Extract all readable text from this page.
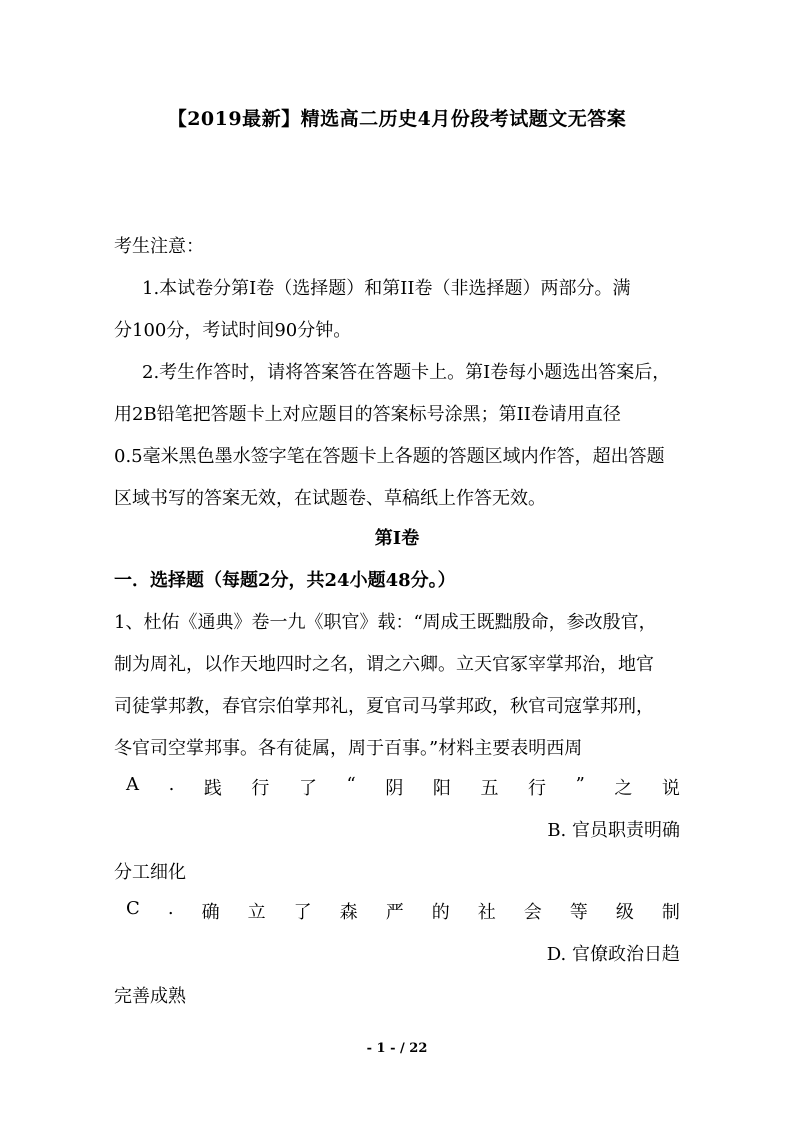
【2019最新】精选高二历史4月份段考试题文无答案
考生注意：
1.本试卷分第Ⅰ卷（选择题）和第II卷（非选择题）两部分。满
分100分，考试时间90分钟。
2.考生作答时，请将答案答在答题卡上。第Ⅰ卷每小题选出答案后，
用2B铅笔把答题卡上对应题目的答案标号涂黑；第II卷请用直径
0.5毫米黑色墨水签字笔在答题卡上各题的答题区域内作答，超出答题
区域书写的答案无效，在试题卷、草稿纸上作答无效。
第Ⅰ卷
一．选择题（每题2分，共24小题48分。）
1、杜佑《通典》卷一九《职官》载：“周成王既黜殷命，参改殷官，
制为周礼，以作天地四时之名，谓之六卿。立天官冢宰掌邦治，地官
司徒掌邦教，春官宗伯掌邦礼，夏官司马掌邦政，秋官司寇掌邦刑，
冬官司空掌邦事。各有徒属，周于百事。”材料主要表明西周
A . 践 行 了 “ 阴 阳 五 行 ” 之 说
B. 官员职责明确
分工细化
C . 确 立 了 森 严 的 社 会 等 级 制
D. 官僚政治日趋
完善成熟
- 1 - / 22
